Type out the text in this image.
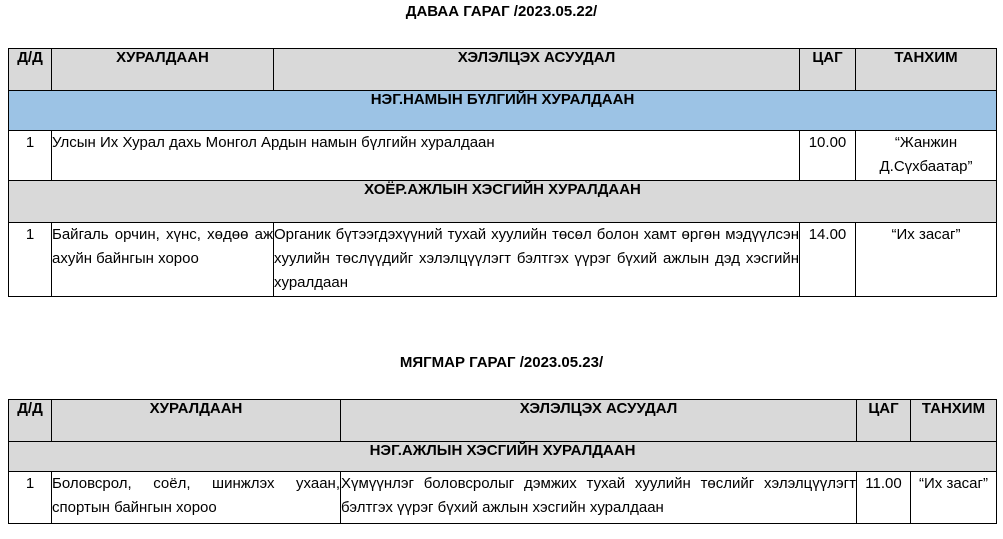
ДАВАА ГАРАГ /2023.05.22/
Д/Д	ХУРАЛДААН	ХЭЛЭЛЦЭХ АСУУДАЛ	ЦАГ	ТАНХИМ
НЭГ.НАМЫН БҮЛГИЙН ХУРАЛДААН				
1	Улсын Их Хурал дахь Монгол Ардын намын бүлгийн хуралдаан		10.00	“Жанжин Д.Сүхбаатар”
ХОЁР.АЖЛЫН ХЭСГИЙН ХУРАЛДААН				
1	Байгаль орчин, хүнс, хөдөө аж ахуйн байнгын хороо	Органик бүтээгдэхүүний тухай хуулийн төсөл болон хамт өргөн мэдүүлсэн хуулийн төслүүдийг хэлэлцүүлэгт бэлтгэх үүрэг бүхий ажлын дэд хэсгийн хуралдаан	14.00	“Их засаг”
МЯГМАР ГАРАГ /2023.05.23/
Д/Д	ХУРАЛДААН	ХЭЛЭЛЦЭХ АСУУДАЛ	ЦАГ	ТАНХИМ
НЭГ.АЖЛЫН ХЭСГИЙН ХУРАЛДААН				
1	Боловсрол, соёл, шинжлэх ухаан, спортын байнгын хороо	Хүмүүнлэг боловсролыг дэмжих тухай хуулийн төслийг хэлэлцүүлэгт бэлтгэх үүрэг бүхий ажлын хэсгийн хуралдаан	11.00	“Их засаг”
